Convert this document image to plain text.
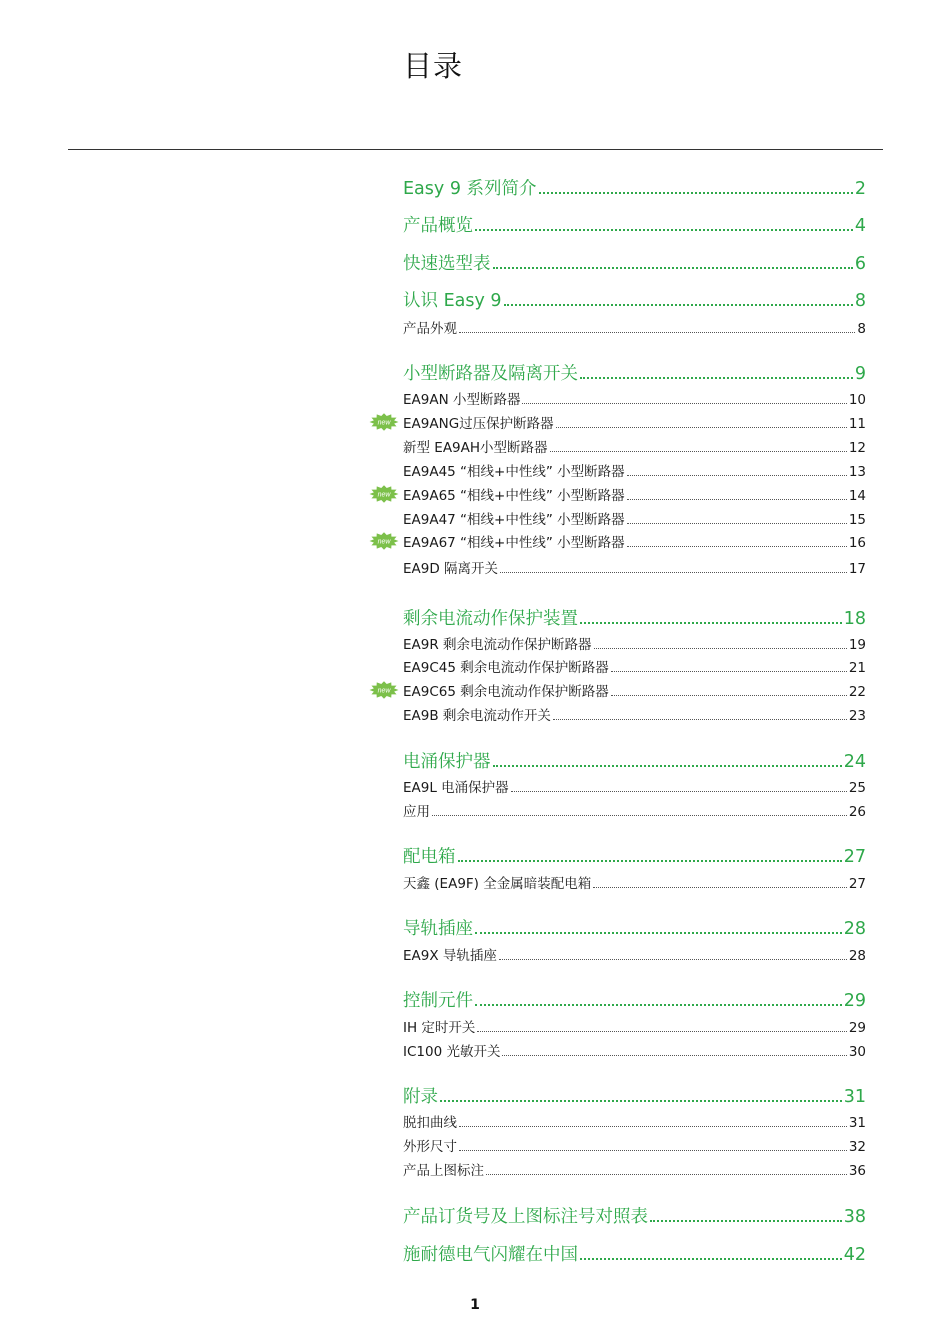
目录
Easy 9 系列简介	2
产品概览	4
快速选型表	6
认识 Easy 9	8
产品外观	8
小型断路器及隔离开关	9
EA9AN 小型断路器	10
EA9ANG过压保护断路器	11
new
新型 EA9AH小型断路器	12
EA9A45 “相线+中性线” 小型断路器	13
EA9A65 “相线+中性线” 小型断路器	14
new
EA9A47 “相线+中性线” 小型断路器	15
EA9A67 “相线+中性线” 小型断路器	16
new
EA9D 隔离开关	17
剩余电流动作保护装置	18
EA9R 剩余电流动作保护断路器	19
EA9C45 剩余电流动作保护断路器	21
EA9C65 剩余电流动作保护断路器	22
new
EA9B 剩余电流动作开关	23
电涌保护器	24
EA9L 电涌保护器	25
应用	26
配电箱	27
天鑫 (EA9F) 全金属暗装配电箱	27
导轨插座	28
EA9X 导轨插座	28
控制元件	29
IH 定时开关	29
IC100 光敏开关	30
附录	31
脱扣曲线	31
外形尺寸	32
产品上图标注	36
产品订货号及上图标注号对照表	38
施耐德电气闪耀在中国	42
1
